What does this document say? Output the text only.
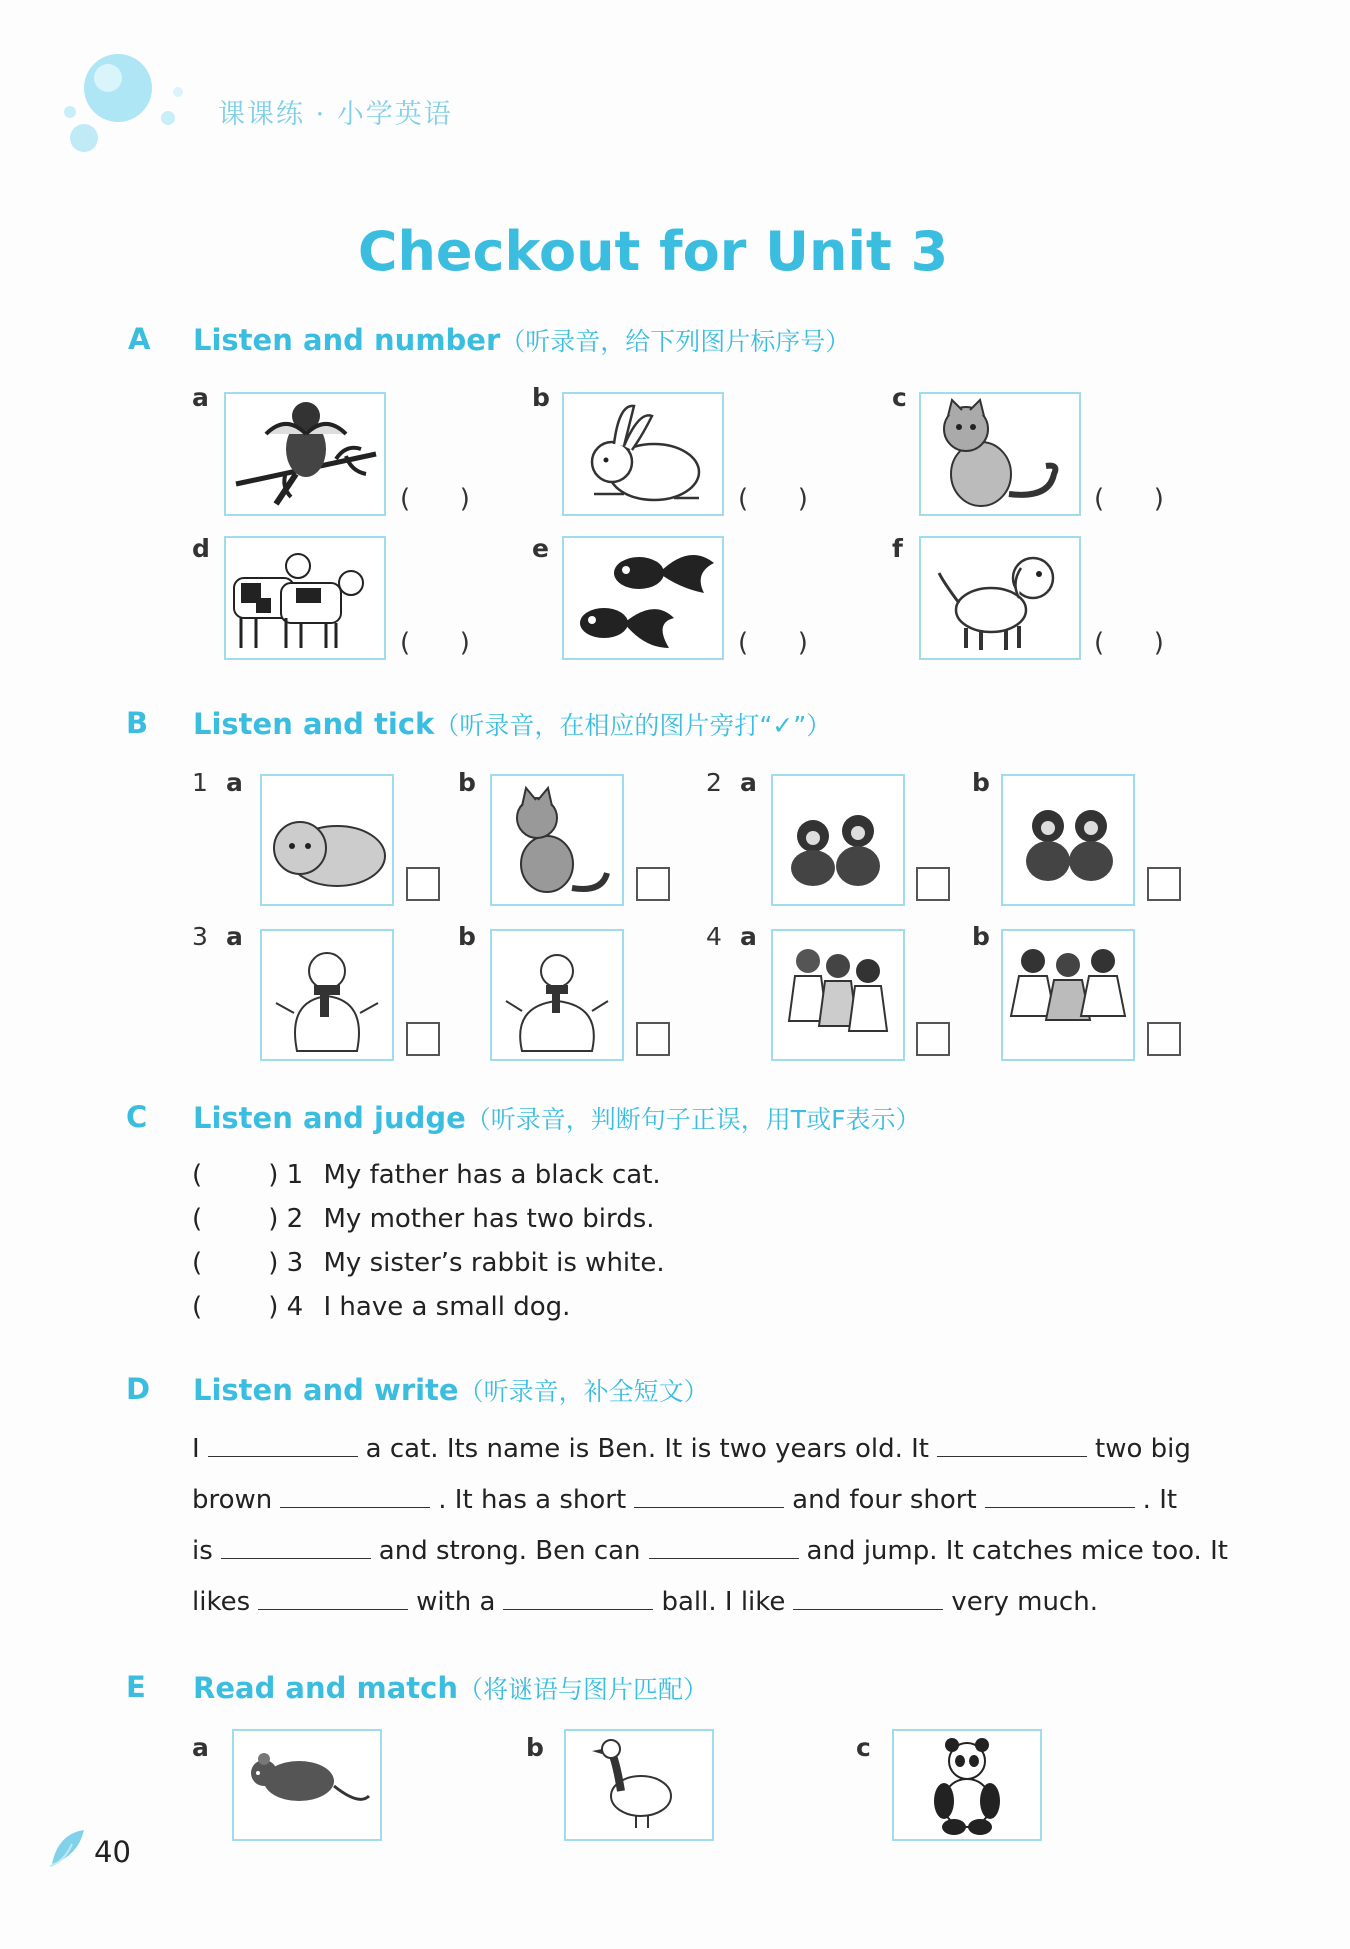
课课练 · 小学英语
Checkout for Unit 3
A Listen and number（听录音，给下列图片标序号）
a
(      )
b
(      )
c
(      )
d
(      )
e
(      )
f
(      )
B Listen and tick（听录音，在相应的图片旁打“✓”）
1 a	b	2 a	b
3 a	b	4 a	b
C Listen and judge（听录音，判断句子正误，用T或F表示）
(        ) 1 My father has a black cat.
(        ) 2 My mother has two birds.
(        ) 3 My sister’s rabbit is white.
(        ) 4 I have a small dog.
D Listen and write（听录音，补全短文）
I	a cat. Its name is Ben. It is two years old. It	two big
brown	. It has a short	and four short	. It
is	and strong. Ben can	and jump. It catches mice too. It
likes	with a	ball. I like	very much.
E Read and match（将谜语与图片匹配）
a	b	c
40
